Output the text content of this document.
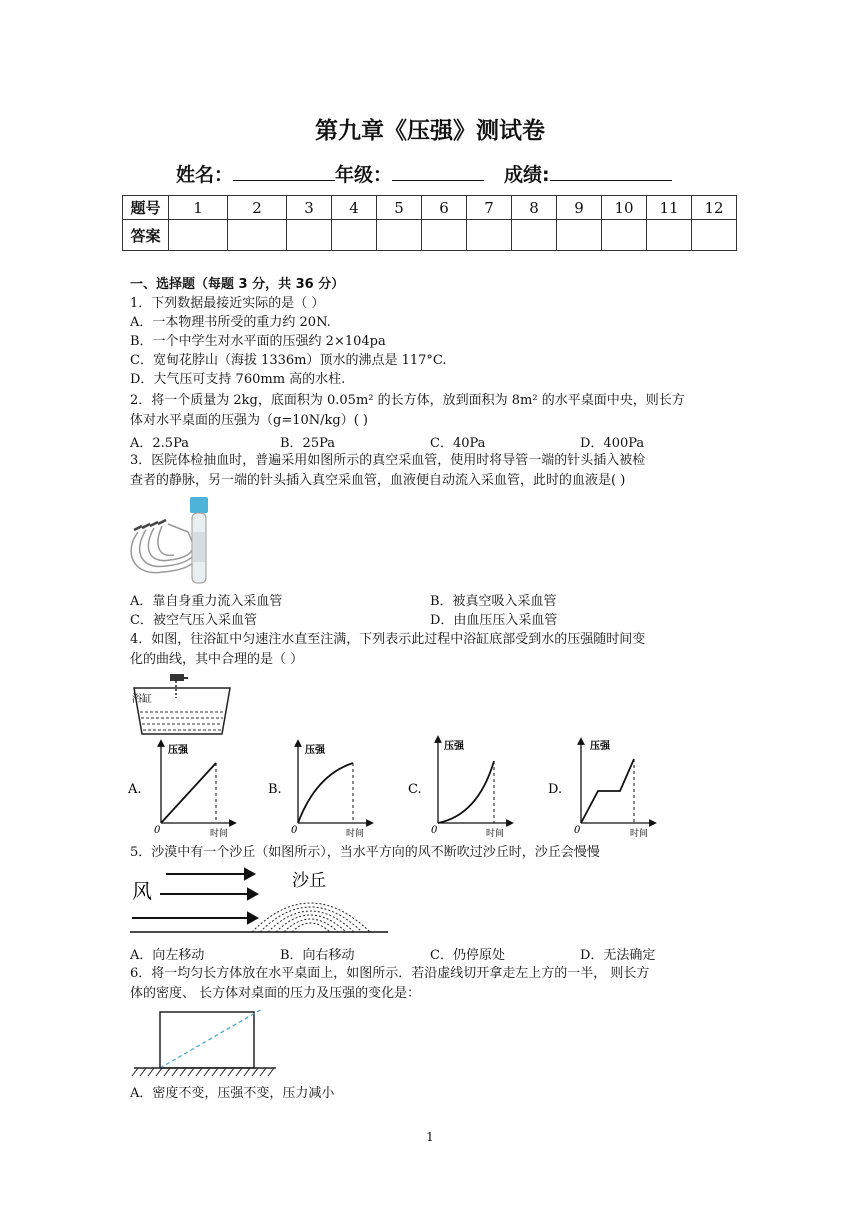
第九章《压强》测试卷
姓名：	年级：	成绩:
题号	1	2	3	4	5	6	7	8	9	10	11	12
答案												
一、选择题（每题 3 分，共 36 分）
1．下列数据最接近实际的是（ ）
A．一本物理书所受的重力约 20N.
B．一个中学生对水平面的压强约 2×104pa
C．宽甸花脖山（海拔 1336m）顶水的沸点是 117°C.
D．大气压可支持 760mm 高的水柱.
2．将一个质量为 2kg，底面积为 0.05m² 的长方体，放到面积为 8m² 的水平桌面中央，则长方
体对水平桌面的压强为（g=10N/kg）( )
A．2.5Pa	B．25Pa	C．40Pa	D．400Pa
3．医院体检抽血时，普遍采用如图所示的真空采血管，使用时将导管一端的针头插入被检
查者的静脉，另一端的针头插入真空采血管，血液便自动流入采血管，此时的血液是( )
A．靠自身重力流入采血管	B．被真空吸入采血管
C．被空气压入采血管	D．由血压压入采血管
4．如图，往浴缸中匀速注水直至注满，下列表示此过程中浴缸底部受到水的压强随时间变
化的曲线，其中合理的是（ ）
浴缸
A.
压强
时间
0
B.
压强
时间
0
C.
压强
时间
0
D.
压强
时间
0
5．沙漠中有一个沙丘（如图所示），当水平方向的风不断吹过沙丘时，沙丘会慢慢
风	沙丘
A．向左移动	B．向右移动	C．仍停原处	D．无法确定
6．将一均匀长方体放在水平桌面上，如图所示．若沿虚线切开拿走左上方的一半， 则长方
体的密度、 长方体对桌面的压力及压强的变化是：
A．密度不变，压强不变，压力减小
1
